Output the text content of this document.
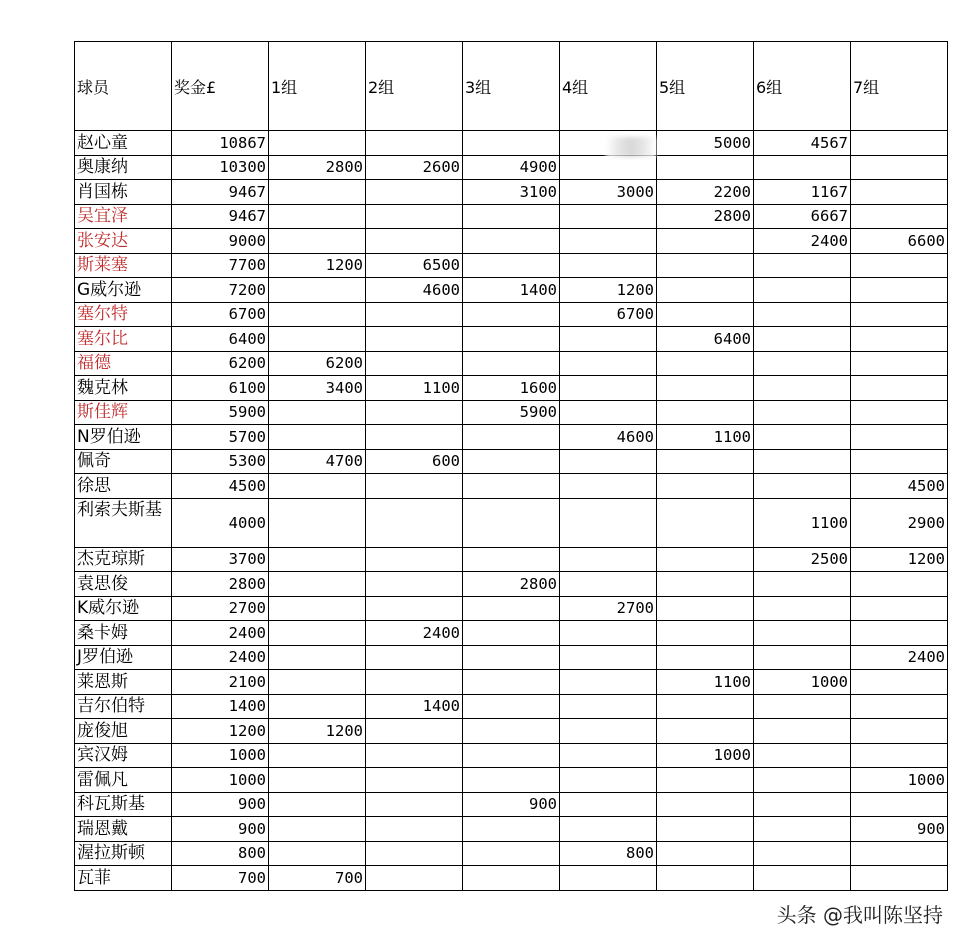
球员	奖金£	1组	2组	3组	4组	5组	6组	7组
赵心童	10867					5000	4567	
奥康纳	10300	2800	2600	4900				
肖国栋	9467			3100	3000	2200	1167	
吴宜泽	9467					2800	6667	
张安达	9000						2400	6600
斯莱塞	7700	1200	6500					
G威尔逊	7200		4600	1400	1200			
塞尔特	6700				6700			
塞尔比	6400					6400		
福德	6200	6200						
魏克林	6100	3400	1100	1600				
斯佳辉	5900			5900				
N罗伯逊	5700				4600	1100		
佩奇	5300	4700	600					
徐思	4500							4500
利索夫斯基	4000						1100	2900
杰克琼斯	3700						2500	1200
袁思俊	2800			2800				
K威尔逊	2700				2700			
桑卡姆	2400		2400					
J罗伯逊	2400							2400
莱恩斯	2100					1100	1000	
吉尔伯特	1400		1400					
庞俊旭	1200	1200						
宾汉姆	1000					1000		
雷佩凡	1000							1000
科瓦斯基	900			900				
瑞恩戴	900							900
渥拉斯顿	800				800			
瓦菲	700	700						
头条 @我叫陈坚持
